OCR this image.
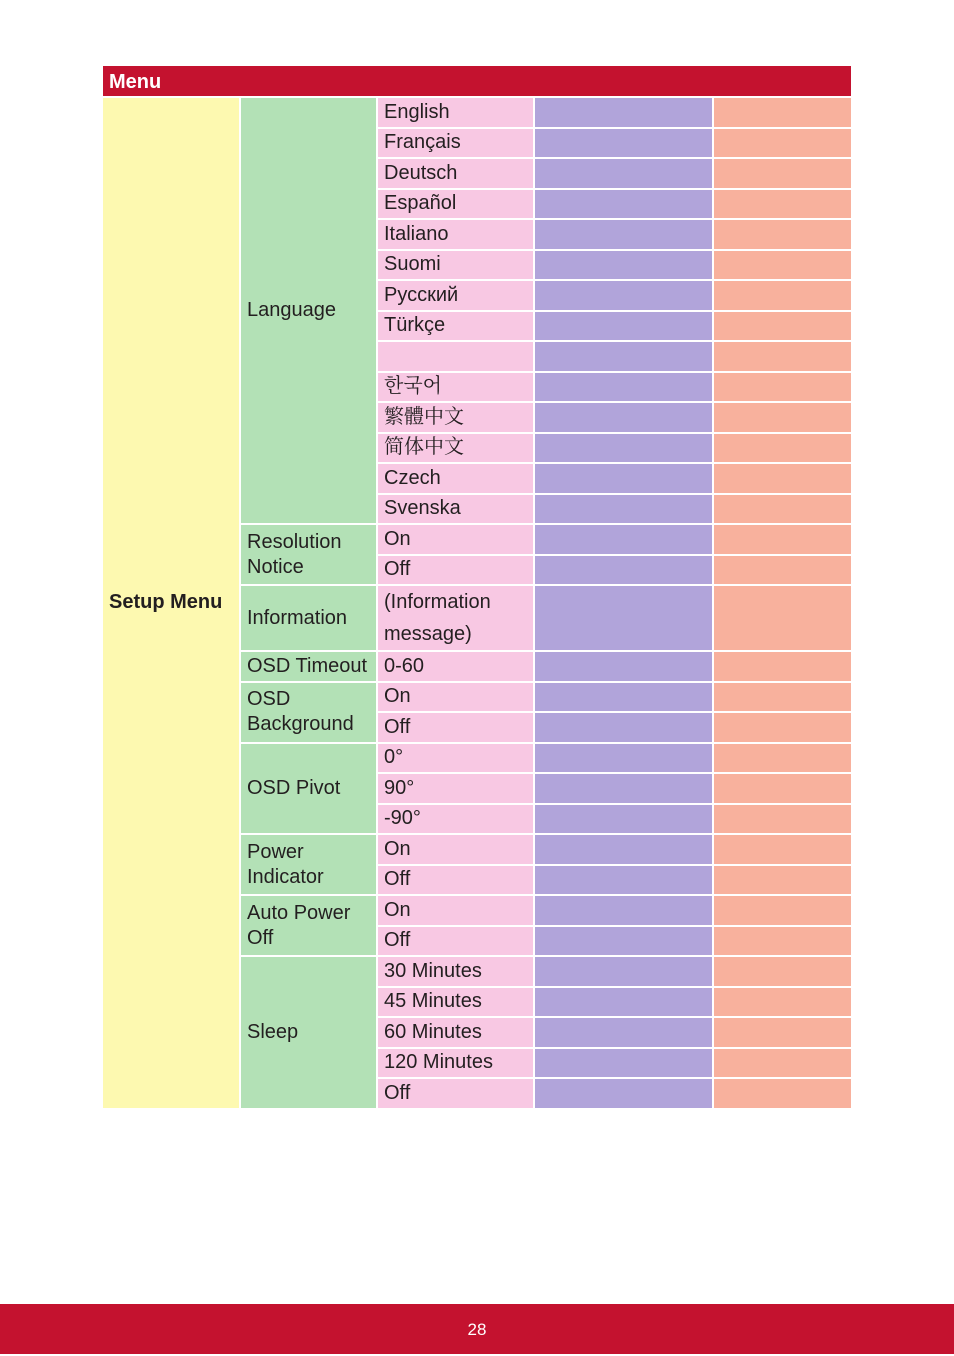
Menu				
Setup Menu	Language	English		
		Français		
		Deutsch		
		Español		
		Italiano		
		Suomi		
		Русский		
		Türkçe		

		한국어		
		繁體中文		
		简体中文		
		Czech		
		Svenska		
	Resolution Notice	On		
		Off		
	Information	(Information message)		
	OSD Timeout	0-60		
	OSD Background	On		
		Off		
	OSD Pivot	0°		
		90°		
		-90°		
	Power Indicator	On		
		Off		
	Auto Power Off	On		
		Off		
	Sleep	30 Minutes		
		45 Minutes		
		60 Minutes		
		120 Minutes		
		Off		
28
